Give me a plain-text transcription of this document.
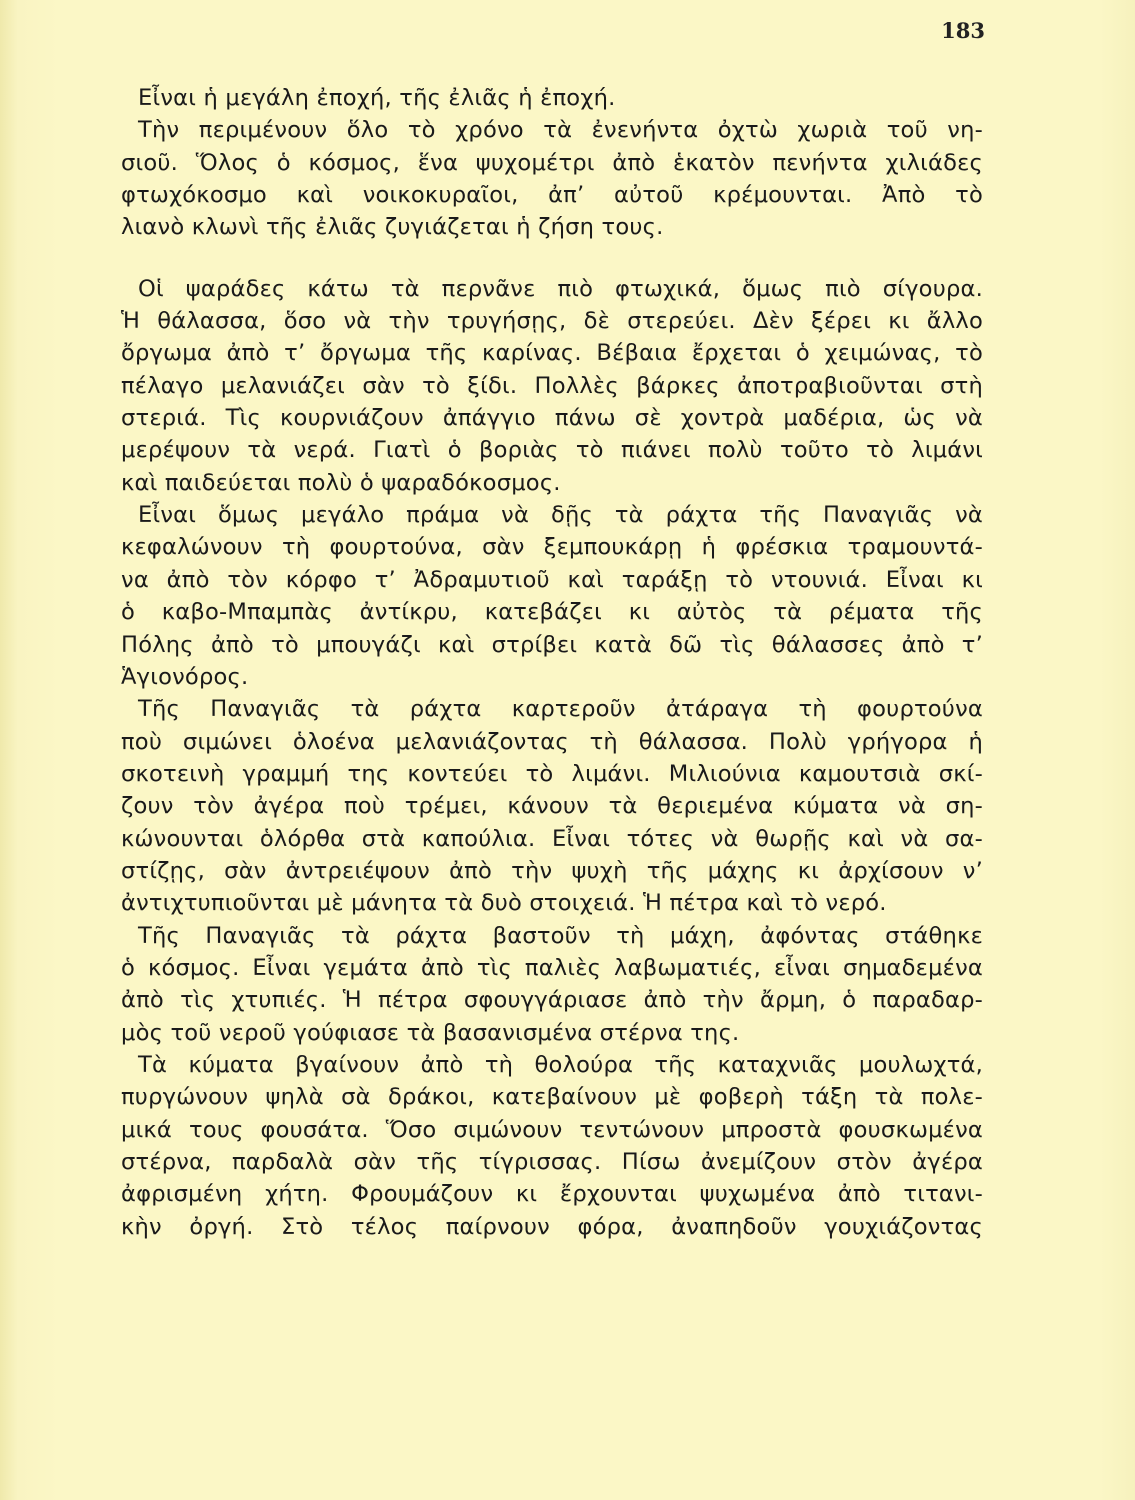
183
Εἶναι ἡ μεγάλη ἐποχή, τῆς ἐλιᾶς ἡ ἐποχή.
Τὴν περιμένουν ὅλο τὸ χρόνο τὰ ἐνενήντα ὀχτὼ χωριὰ τοῦ νη-
σιοῦ. Ὅλος ὁ κόσμος, ἕνα ψυχομέτρι ἀπὸ ἑκατὸν πενήντα χιλιάδες
φτωχόκοσμο καὶ νοικοκυραῖοι, ἀπ’ αὐτοῦ κρέμουνται. Ἀπὸ τὸ
λιανὸ κλωνὶ τῆς ἐλιᾶς ζυγιάζεται ἡ ζήση τους.
Οἱ ψαράδες κάτω τὰ περνᾶνε πιὸ φτωχικά, ὅμως πιὸ σίγουρα.
Ἡ θάλασσα, ὅσο νὰ τὴν τρυγήσῃς, δὲ στερεύει. Δὲν ξέρει κι ἄλλο
ὄργωμα ἀπὸ τ’ ὄργωμα τῆς καρίνας. Βέβαια ἔρχεται ὁ χειμώνας, τὸ
πέλαγο μελανιάζει σὰν τὸ ξίδι. Πολλὲς βάρκες ἀποτραβιοῦνται στὴ
στεριά. Τὶς κουρνιάζουν ἀπάγγιο πάνω σὲ χοντρὰ μαδέρια, ὡς νὰ
μερέψουν τὰ νερά. Γιατὶ ὁ βοριὰς τὸ πιάνει πολὺ τοῦτο τὸ λιμάνι
καὶ παιδεύεται πολὺ ὁ ψαραδόκοσμος.
Εἶναι ὅμως μεγάλο πράμα νὰ δῇς τὰ ράχτα τῆς Παναγιᾶς νὰ
κεφαλώνουν τὴ φουρτούνα, σὰν ξεμπουκάρῃ ἡ φρέσκια τραμουντά-
να ἀπὸ τὸν κόρφο τ’ Ἀδραμυτιοῦ καὶ ταράξῃ τὸ ντουνιά. Εἶναι κι
ὁ καβο-Μπαμπὰς ἀντίκρυ, κατεβάζει κι αὐτὸς τὰ ρέματα τῆς
Πόλης ἀπὸ τὸ μπουγάζι καὶ στρίβει κατὰ δῶ τὶς θάλασσες ἀπὸ τ’
Ἁγιονόρος.
Τῆς Παναγιᾶς τὰ ράχτα καρτεροῦν ἀτάραγα τὴ φουρτούνα
ποὺ σιμώνει ὁλοένα μελανιάζοντας τὴ θάλασσα. Πολὺ γρήγορα ἡ
σκοτεινὴ γραμμή της κοντεύει τὸ λιμάνι. Μιλιούνια καμουτσιὰ σκί-
ζουν τὸν ἀγέρα ποὺ τρέμει, κάνουν τὰ θεριεμένα κύματα νὰ ση-
κώνουνται ὁλόρθα στὰ καπούλια. Εἶναι τότες νὰ θωρῇς καὶ νὰ σα-
στίζῃς, σὰν ἀντρειέψουν ἀπὸ τὴν ψυχὴ τῆς μάχης κι ἀρχίσουν ν’
ἀντιχτυπιοῦνται μὲ μάνητα τὰ δυὸ στοιχειά. Ἡ πέτρα καὶ τὸ νερό.
Τῆς Παναγιᾶς τὰ ράχτα βαστοῦν τὴ μάχη, ἀφόντας στάθηκε
ὁ κόσμος. Εἶναι γεμάτα ἀπὸ τὶς παλιὲς λαβωματιές, εἶναι σημαδεμένα
ἀπὸ τὶς χτυπιές. Ἡ πέτρα σφουγγάριασε ἀπὸ τὴν ἄρμη, ὁ παραδαρ-
μὸς τοῦ νεροῦ γούφιασε τὰ βασανισμένα στέρνα της.
Τὰ κύματα βγαίνουν ἀπὸ τὴ θολούρα τῆς καταχνιᾶς μουλωχτά,
πυργώνουν ψηλὰ σὰ δράκοι, κατεβαίνουν μὲ φοβερὴ τάξη τὰ πολε-
μικά τους φουσάτα. Ὅσο σιμώνουν τεντώνουν μπροστὰ φουσκωμένα
στέρνα, παρδαλὰ σὰν τῆς τίγρισσας. Πίσω ἀνεμίζουν στὸν ἀγέρα
ἀφρισμένη χήτη. Φρουμάζουν κι ἔρχουνται ψυχωμένα ἀπὸ τιτανι-
κὴν ὀργή. Στὸ τέλος παίρνουν φόρα, ἀναπηδοῦν γουχιάζοντας
